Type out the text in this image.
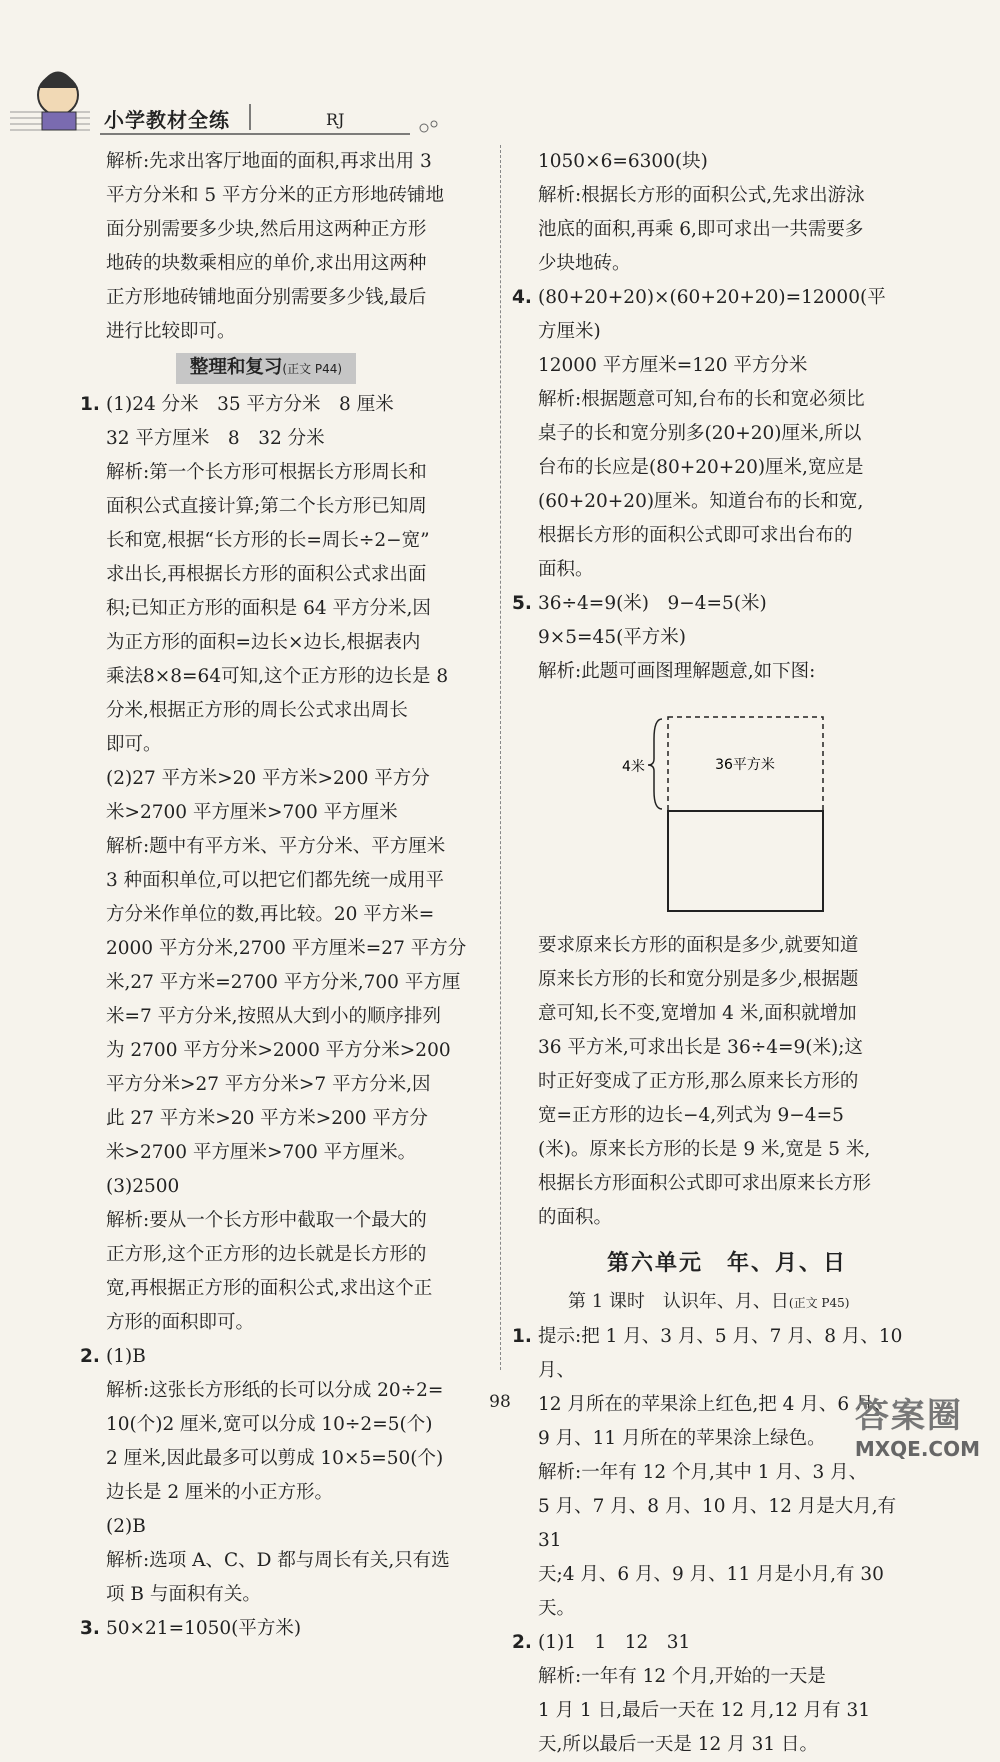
小学教材全练	RJ

解析:先求出客厅地面的面积,再求出用 3

平方分米和 5 平方分米的正方形地砖铺地

面分别需要多少块,然后用这两种正方形

地砖的块数乘相应的单价,求出用这两种

正方形地砖铺地面分别需要多少钱,最后

进行比较即可。

整理和复习(正文 P44)
1. (1)24 分米　35 平方分米　8 厘米

32 平方厘米　8　32 分米

解析:第一个长方形可根据长方形周长和

面积公式直接计算;第二个长方形已知周

长和宽,根据“长方形的长=周长÷2−宽”

求出长,再根据长方形的面积公式求出面

积;已知正方形的面积是 64 平方分米,因

为正方形的面积=边长×边长,根据表内

乘法8×8=64可知,这个正方形的边长是 8

分米,根据正方形的周长公式求出周长

即可。

(2)27 平方米>20 平方米>200 平方分

米>2700 平方厘米>700 平方厘米

解析:题中有平方米、平方分米、平方厘米

3 种面积单位,可以把它们都先统一成用平

方分米作单位的数,再比较。20 平方米=

2000 平方分米,2700 平方厘米=27 平方分

米,27 平方米=2700 平方分米,700 平方厘

米=7 平方分米,按照从大到小的顺序排列

为 2700 平方分米>2000 平方分米>200

平方分米>27 平方分米>7 平方分米,因

此 27 平方米>20 平方米>200 平方分

米>2700 平方厘米>700 平方厘米。

(3)2500

解析:要从一个长方形中截取一个最大的

正方形,这个正方形的边长就是长方形的

宽,再根据正方形的面积公式,求出这个正

方形的面积即可。

2. (1)B

解析:这张长方形纸的长可以分成 20÷2=

10(个)2 厘米,宽可以分成 10÷2=5(个)

2 厘米,因此最多可以剪成 10×5=50(个)

边长是 2 厘米的小正方形。

(2)B

解析:选项 A、C、D 都与周长有关,只有选

项 B 与面积有关。

3. 50×21=1050(平方米)

1050×6=6300(块)

解析:根据长方形的面积公式,先求出游泳

池底的面积,再乘 6,即可求出一共需要多

少块地砖。

4. (80+20+20)×(60+20+20)=12000(平

方厘米)

12000 平方厘米=120 平方分米

解析:根据题意可知,台布的长和宽必须比

桌子的长和宽分别多(20+20)厘米,所以

台布的长应是(80+20+20)厘米,宽应是

(60+20+20)厘米。知道台布的长和宽,

根据长方形的面积公式即可求出台布的

面积。

5. 36÷4=9(米)　9−4=5(米)

9×5=45(平方米)

解析:此题可画图理解题意,如下图:

4米	36平方米

要求原来长方形的面积是多少,就要知道

原来长方形的长和宽分别是多少,根据题

意可知,长不变,宽增加 4 米,面积就增加

36 平方米,可求出长是 36÷4=9(米);这

时正好变成了正方形,那么原来长方形的

宽=正方形的边长−4,列式为 9−4=5

(米)。原来长方形的长是 9 米,宽是 5 米,

根据长方形面积公式即可求出原来长方形

的面积。

第六单元　年、月、日

第 1 课时　认识年、月、日(正文 P45)

1. 提示:把 1 月、3 月、5 月、7 月、8 月、10 月、

12 月所在的苹果涂上红色,把 4 月、6 月、

9 月、11 月所在的苹果涂上绿色。

解析:一年有 12 个月,其中 1 月、3 月、

5 月、7 月、8 月、10 月、12 月是大月,有 31

天;4 月、6 月、9 月、11 月是小月,有 30 天。

2. (1)1　1　12　31

解析:一年有 12 个月,开始的一天是

1 月 1 日,最后一天在 12 月,12 月有 31

天,所以最后一天是 12 月 31 日。

98	答案圈
MXQE.COM
